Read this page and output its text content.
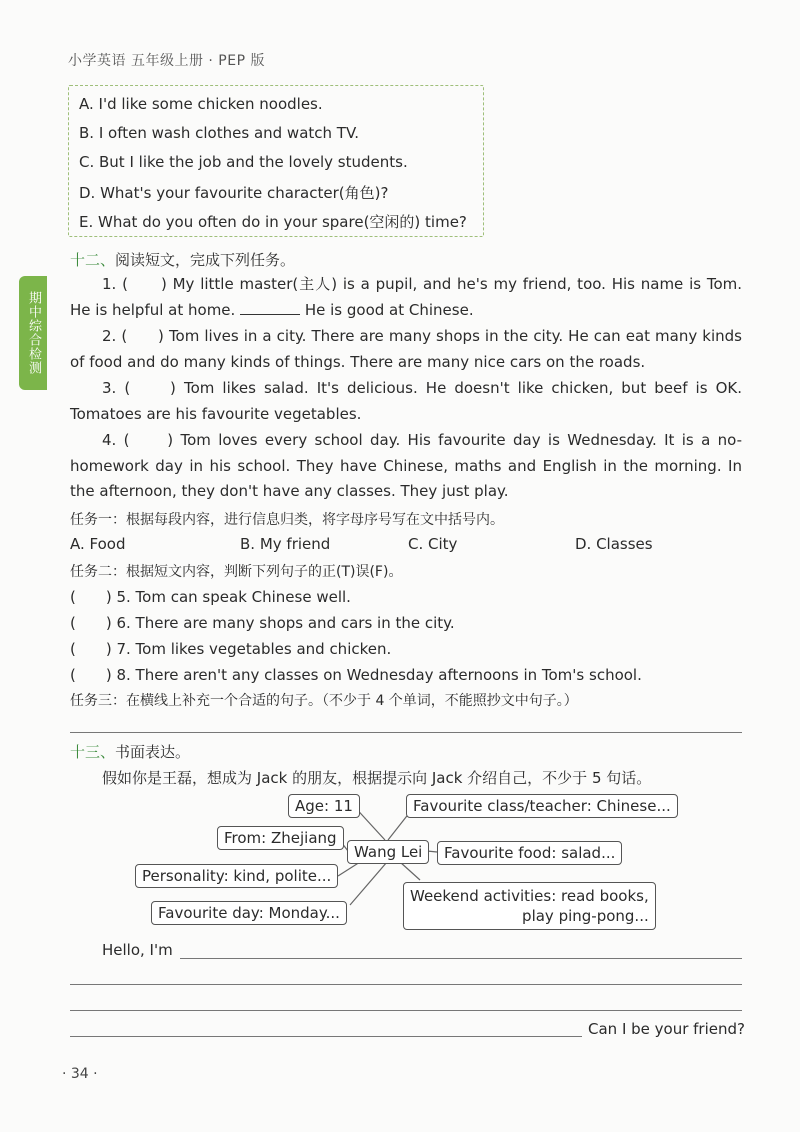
小学英语 五年级上册 · PEP 版
期中综合检测
A. I'd like some chicken noodles.
B. I often wash clothes and watch TV.
C. But I like the job and the lovely students.
D. What's your favourite character(角色)?
E. What do you often do in your spare(空闲的) time?
十二、阅读短文，完成下列任务。
1. (　　) My little master(主人) is a pupil, and he's my friend, too. His name is Tom. He is helpful at home.	He is good at Chinese.
2. (　　) Tom lives in a city. There are many shops in the city. He can eat many kinds of food and do many kinds of things. There are many nice cars on the roads.
3. (　　) Tom likes salad. It's delicious. He doesn't like chicken, but beef is OK. Tomatoes are his favourite vegetables.
4. (　　) Tom loves every school day. His favourite day is Wednesday. It is a no-homework day in his school. They have Chinese, maths and English in the morning. In the afternoon, they don't have any classes. They just play.
任务一：根据每段内容，进行信息归类，将字母序号写在文中括号内。
A. Food	B. My friend	C. City	D. Classes
任务二：根据短文内容，判断下列句子的正(T)误(F)。
(　　) 5. Tom can speak Chinese well.
(　　) 6. There are many shops and cars in the city.
(　　) 7. Tom likes vegetables and chicken.
(　　) 8. There aren't any classes on Wednesday afternoons in Tom's school.
任务三：在横线上补充一个合适的句子。（不少于 4 个单词，不能照抄文中句子。）
十三、书面表达。
假如你是王磊，想成为 Jack 的朋友，根据提示向 Jack 介绍自己，不少于 5 句话。
Age: 11	Favourite class/teacher: Chinese...
From: Zhejiang
Wang Lei	Favourite food: salad...
Personality: kind, polite...
Weekend activities: read books,
play ping-pong...
Favourite day: Monday...
Hello, I'm
Can I be your friend?
· 34 ·
